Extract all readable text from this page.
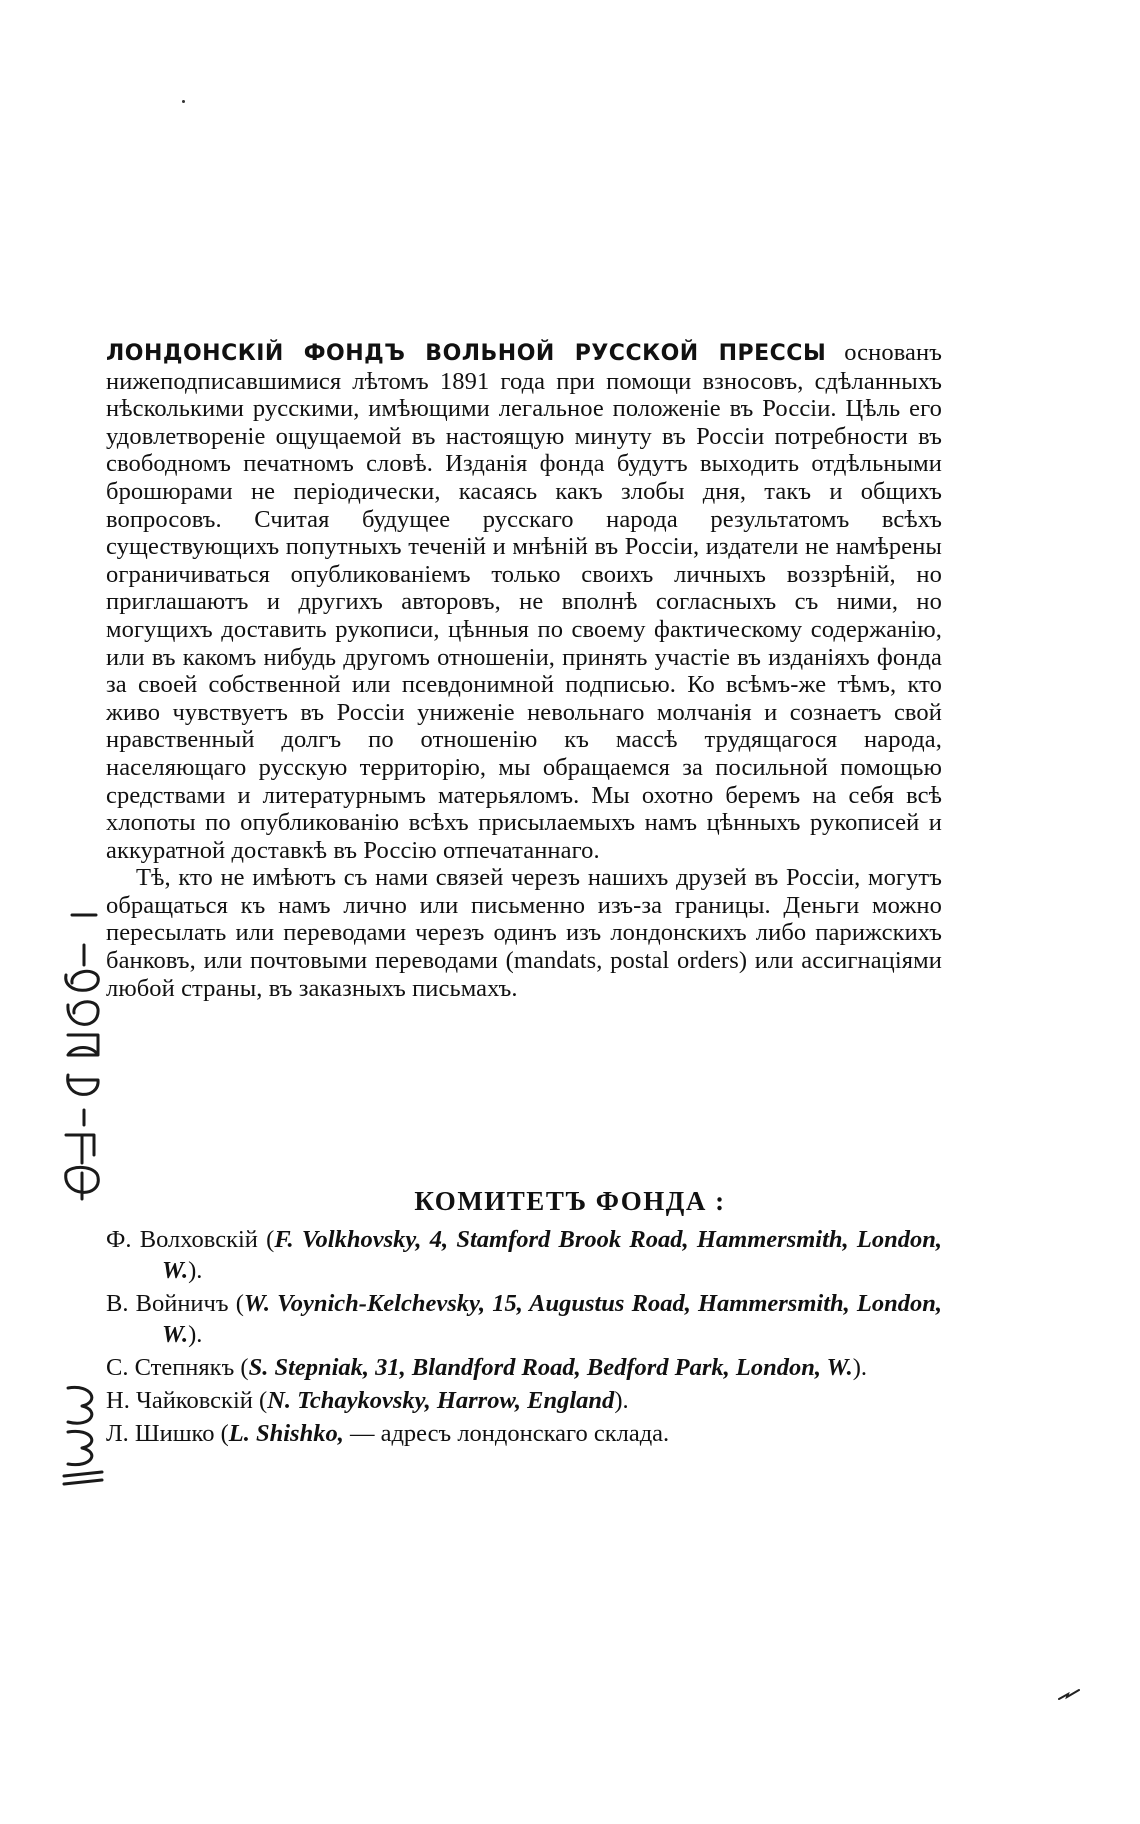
ЛОНДОНСКІЙ ФОНДЪ ВОЛЬНОЙ РУССКОЙ ПРЕССЫ основанъ нижеподписавшимися лѣтомъ 1891 года при помощи взносовъ, сдѣланныхъ нѣсколькими русскими, имѣющими легальное положеніе въ Россіи. Цѣль его удовлетвореніе ощущаемой въ настоящую минуту въ Россіи потребности въ свободномъ печатномъ словѣ. Изданія фонда будутъ выходить отдѣльными брошюрами не періодически, касаясь какъ злобы дня, такъ и общихъ вопросовъ. Считая будущее русскаго народа результатомъ всѣхъ существующихъ попутныхъ теченій и мнѣній въ Россіи, издатели не намѣрены ограничиваться опубликованіемъ только своихъ личныхъ воззрѣній, но приглашаютъ и другихъ авторовъ, не вполнѣ согласныхъ съ ними, но могущихъ доставить рукописи, цѣнныя по своему фактическому содержанію, или въ какомъ нибудь другомъ отношеніи, принять участіе въ изданіяхъ фонда за своей собственной или псевдонимной подписью. Ко всѣмъ-же тѣмъ, кто живо чувствуетъ въ Россіи униженіе невольнаго молчанія и сознаетъ свой нравственный долгъ по отношенію къ массѣ трудящагося народа, населяющаго русскую территорію, мы обращаемся за посильной помощью средствами и литературнымъ матерьяломъ. Мы охотно беремъ на себя всѣ хлопоты по опубликованію всѣхъ присылаемыхъ намъ цѣнныхъ рукописей и аккуратной доставкѣ въ Россію отпечатаннаго.

Тѣ, кто не имѣютъ съ нами связей черезъ нашихъ друзей въ Россіи, могутъ обращаться къ намъ лично или письменно изъ-за границы. Деньги можно пересылать или переводами черезъ одинъ изъ лондонскихъ либо парижскихъ банковъ, или почтовыми переводами (mandats, postal orders) или ассигнаціями любой страны, въ заказныхъ письмахъ.

КОМИТЕТЪ ФОНДА :

Ф. Волховскій (F. Volkhovsky, 4, Stamford Brook Road, Hammersmith, London, W.).

В. Войничъ (W. Voynich-Kelchevsky, 15, Augustus Road, Hammersmith, London, W.).

С. Степнякъ (S. Stepniak, 31, Blandford Road, Bedford Park, London, W.).

Н. Чайковскій (N. Tchaykovsky, Harrow, England).

Л. Шишко (L. Shishko, — адресъ лондонскаго склада.
